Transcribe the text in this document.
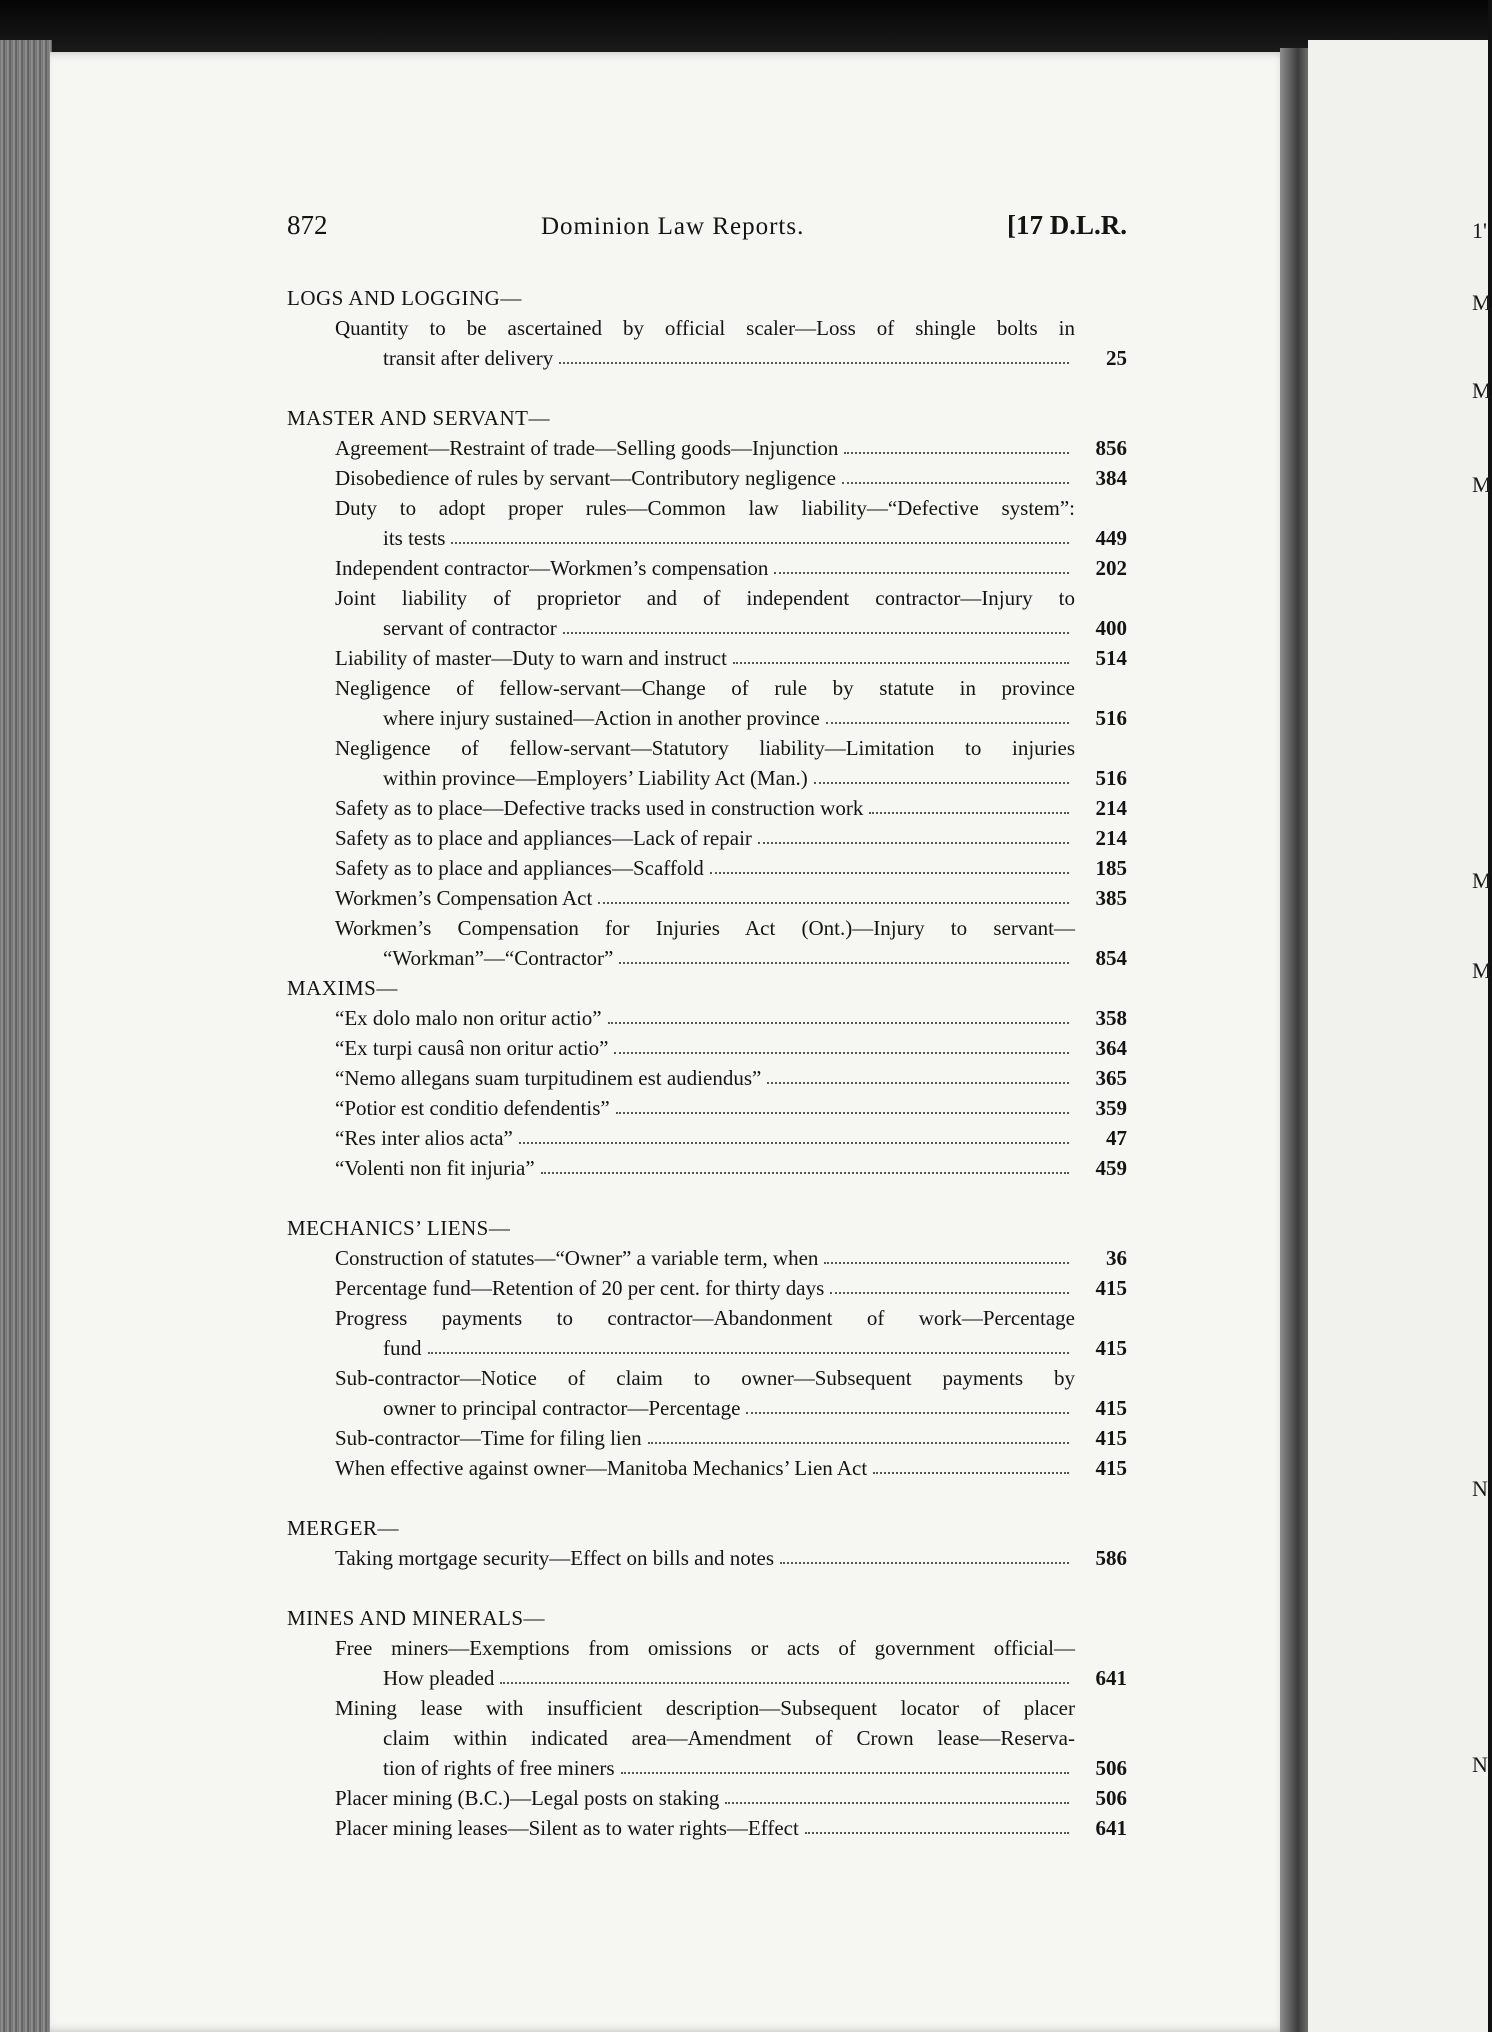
1'
M
M
M
M
M
N
N
872	Dominion Law Reports.	[17 D.L.R.
LOGS AND LOGGING—
Quantity to be ascertained by official scaler—Loss of shingle bolts in
transit after delivery	25
MASTER AND SERVANT—
Agreement—Restraint of trade—Selling goods—Injunction	856
Disobedience of rules by servant—Contributory negligence	384
Duty to adopt proper rules—Common law liability—“Defective system”:
its tests	449
Independent contractor—Workmen’s compensation	202
Joint liability of proprietor and of independent contractor—Injury to
servant of contractor	400
Liability of master—Duty to warn and instruct	514
Negligence of fellow-servant—Change of rule by statute in province
where injury sustained—Action in another province	516
Negligence of fellow-servant—Statutory liability—Limitation to injuries
within province—Employers’ Liability Act (Man.)	516
Safety as to place—Defective tracks used in construction work	214
Safety as to place and appliances—Lack of repair	214
Safety as to place and appliances—Scaffold	185
Workmen’s Compensation Act	385
Workmen’s Compensation for Injuries Act (Ont.)—Injury to servant—
“Workman”—“Contractor”	854
MAXIMS—
“Ex dolo malo non oritur actio”	358
“Ex turpi causâ non oritur actio”	364
“Nemo allegans suam turpitudinem est audiendus”	365
“Potior est conditio defendentis”	359
“Res inter alios acta”	47
“Volenti non fit injuria”	459
MECHANICS’ LIENS—
Construction of statutes—“Owner” a variable term, when	36
Percentage fund—Retention of 20 per cent. for thirty days	415
Progress payments to contractor—Abandonment of work—Percentage
fund	415
Sub-contractor—Notice of claim to owner—Subsequent payments by
owner to principal contractor—Percentage	415
Sub-contractor—Time for filing lien	415
When effective against owner—Manitoba Mechanics’ Lien Act	415
MERGER—
Taking mortgage security—Effect on bills and notes	586
MINES AND MINERALS—
Free miners—Exemptions from omissions or acts of government official—
How pleaded	641
Mining lease with insufficient description—Subsequent locator of placer
claim within indicated area—Amendment of Crown lease—Reserva-
tion of rights of free miners	506
Placer mining (B.C.)—Legal posts on staking	506
Placer mining leases—Silent as to water rights—Effect	641
